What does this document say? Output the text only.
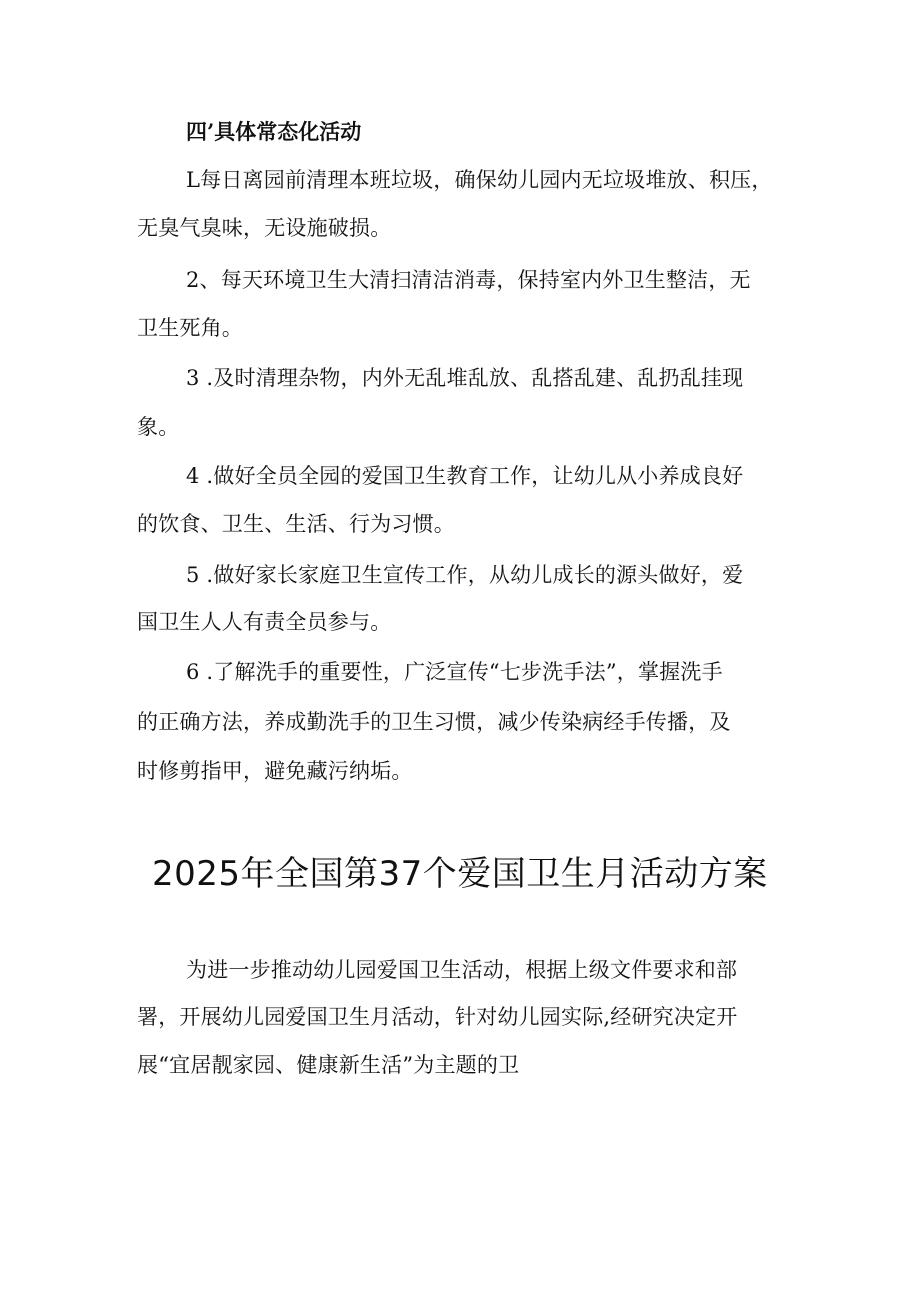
四’具体常态化活动
L每日离园前清理本班垃圾，确保幼儿园内无垃圾堆放、积压，
无臭气臭味，无设施破损。
2、每天环境卫生大清扫清洁消毒，保持室内外卫生整洁，无
卫生死角。
3 .及时清理杂物，内外无乱堆乱放、乱搭乱建、乱扔乱挂现
象。
4 .做好全员全园的爱国卫生教育工作，让幼儿从小养成良好
的饮食、卫生、生活、行为习惯。
5 .做好家长家庭卫生宣传工作，从幼儿成长的源头做好，爱
国卫生人人有责全员参与。
6 .了解洗手的重要性，广泛宣传“七步洗手法”，掌握洗手
的正确方法，养成勤洗手的卫生习惯，减少传染病经手传播，及
时修剪指甲，避免藏污纳垢。
2025年全国第37个爱国卫生月活动方案
为进一步推动幼儿园爱国卫生活动，根据上级文件要求和部
署，开展幼儿园爱国卫生月活动，针对幼儿园实际,经研究决定开
展“宜居靓家园、健康新生活”为主题的卫
